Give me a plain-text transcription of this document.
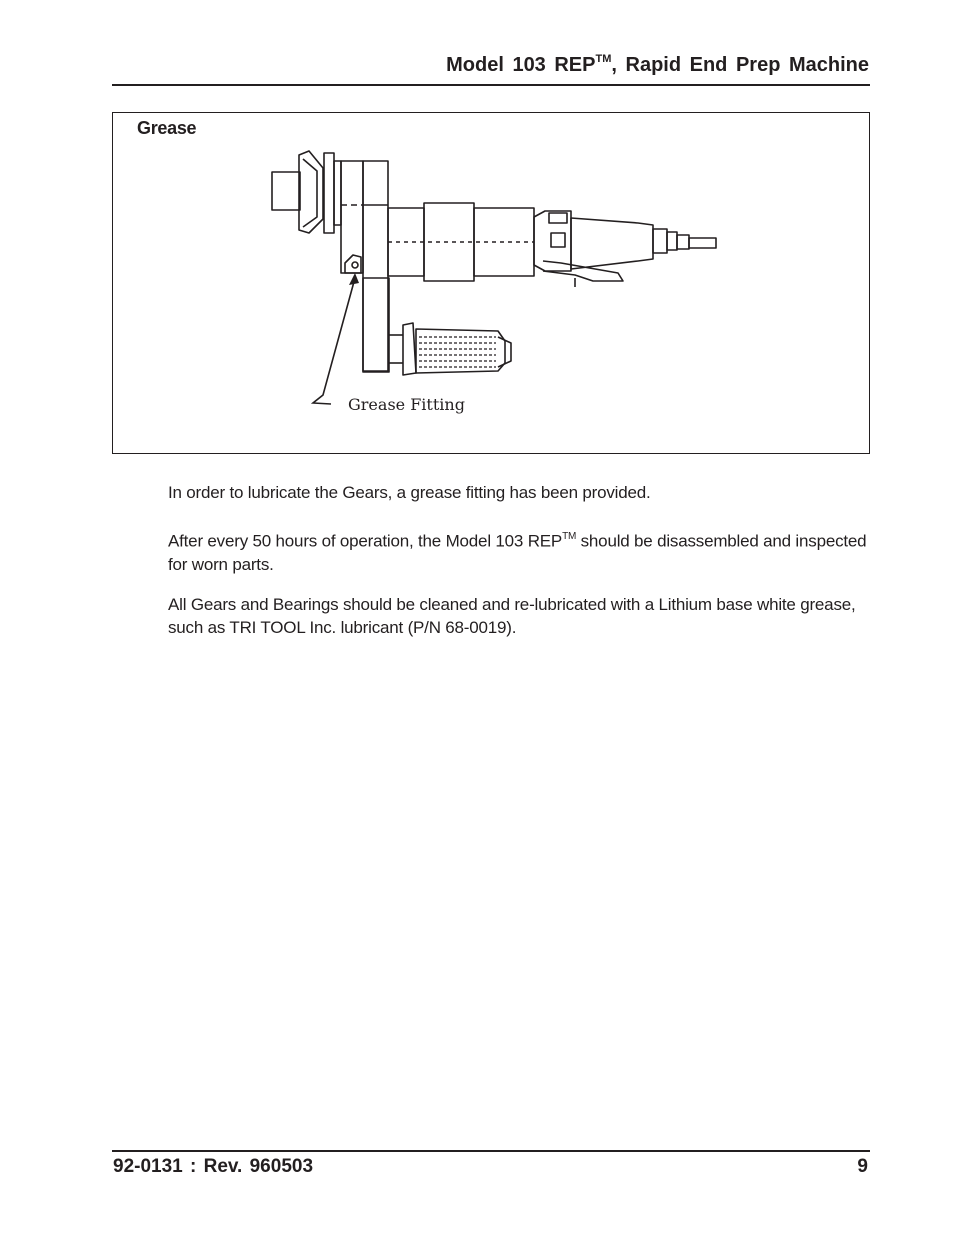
Model 103 REP™, Rapid End Prep Machine
Grease
Grease Fitting
In order to lubricate the Gears, a grease fitting has been provided.
After every 50 hours of operation, the Model 103 REP™ should be disassembled and inspected for worn parts.
All Gears and Bearings should be cleaned and re-lubricated with a Lithium base white grease, such as TRI TOOL Inc. lubricant (P/N 68-0019).
92-0131 : Rev. 960503	9
